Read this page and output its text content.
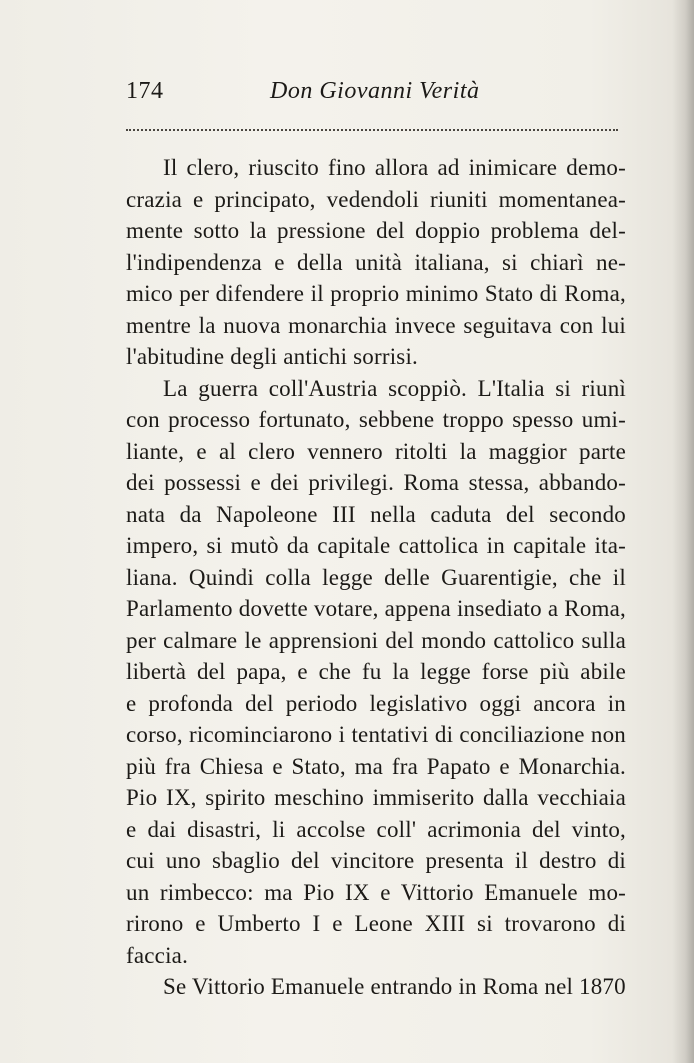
174	Don Giovanni Verità
Il clero, riuscito fino allora ad inimicare demo-
crazia e principato, vedendoli riuniti momentanea-
mente sotto la pressione del doppio problema del-
l'indipendenza e della unità italiana, si chiarì ne-
mico per difendere il proprio minimo Stato di Roma,
mentre la nuova monarchia invece seguitava con lui
l'abitudine degli antichi sorrisi.
La guerra coll'Austria scoppiò. L'Italia si riunì
con processo fortunato, sebbene troppo spesso umi-
liante, e al clero vennero ritolti la maggior parte
dei possessi e dei privilegi. Roma stessa, abbando-
nata da Napoleone III nella caduta del secondo
impero, si mutò da capitale cattolica in capitale ita-
liana. Quindi colla legge delle Guarentigie, che il
Parlamento dovette votare, appena insediato a Roma,
per calmare le apprensioni del mondo cattolico sulla
libertà del papa, e che fu la legge forse più abile
e profonda del periodo legislativo oggi ancora in
corso, ricominciarono i tentativi di conciliazione non
più fra Chiesa e Stato, ma fra Papato e Monarchia.
Pio IX, spirito meschino immiserito dalla vecchiaia
e dai disastri, li accolse coll' acrimonia del vinto,
cui uno sbaglio del vincitore presenta il destro di
un rimbecco: ma Pio IX e Vittorio Emanuele mo-
rirono e Umberto I e Leone XIII si trovarono di
faccia.
Se Vittorio Emanuele entrando in Roma nel 1870
